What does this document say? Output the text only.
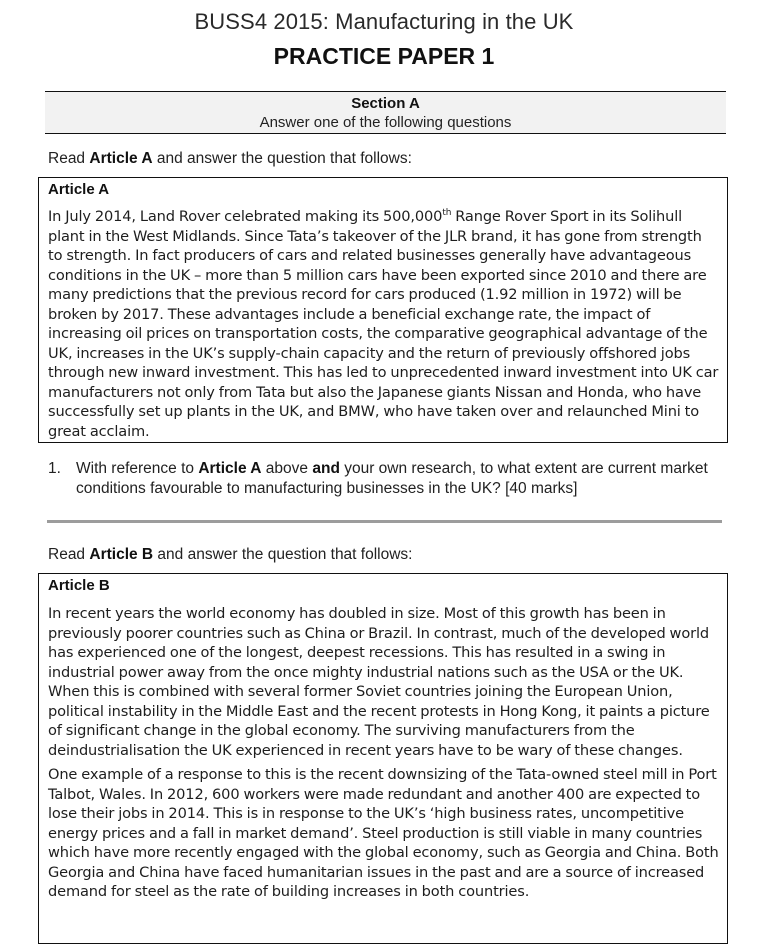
BUSS4 2015: Manufacturing in the UK
PRACTICE PAPER 1
Section A
Answer one of the following questions
Read Article A and answer the question that follows:
Article A

In July 2014, Land Rover celebrated making its 500,000th Range Rover Sport in its Solihull plant in the West Midlands. Since Tata’s takeover of the JLR brand, it has gone from strength to strength. In fact producers of cars and related businesses generally have advantageous conditions in the UK – more than 5 million cars have been exported since 2010 and there are many predictions that the previous record for cars produced (1.92 million in 1972) will be broken by 2017. These advantages include a beneficial exchange rate, the impact of increasing oil prices on transportation costs, the comparative geographical advantage of the UK, increases in the UK’s supply-chain capacity and the return of previously offshored jobs through new inward investment. This has led to unprecedented inward investment into UK car manufacturers not only from Tata but also the Japanese giants Nissan and Honda, who have successfully set up plants in the UK, and BMW, who have taken over and relaunched Mini to great acclaim.

1. With reference to Article A above and your own research, to what extent are current market conditions favourable to manufacturing businesses in the UK? [40 marks]
Read Article B and answer the question that follows:
Article B

In recent years the world economy has doubled in size. Most of this growth has been in previously poorer countries such as China or Brazil. In contrast, much of the developed world has experienced one of the longest, deepest recessions. This has resulted in a swing in industrial power away from the once mighty industrial nations such as the USA or the UK. When this is combined with several former Soviet countries joining the European Union, political instability in the Middle East and the recent protests in Hong Kong, it paints a picture of significant change in the global economy. The surviving manufacturers from the deindustrialisation the UK experienced in recent years have to be wary of these changes.

One example of a response to this is the recent downsizing of the Tata-owned steel mill in Port Talbot, Wales. In 2012, 600 workers were made redundant and another 400 are expected to lose their jobs in 2014. This is in response to the UK’s ‘high business rates, uncompetitive energy prices and a fall in market demand’. Steel production is still viable in many countries which have more recently engaged with the global economy, such as Georgia and China. Both Georgia and China have faced humanitarian issues in the past and are a source of increased demand for steel as the rate of building increases in both countries.
